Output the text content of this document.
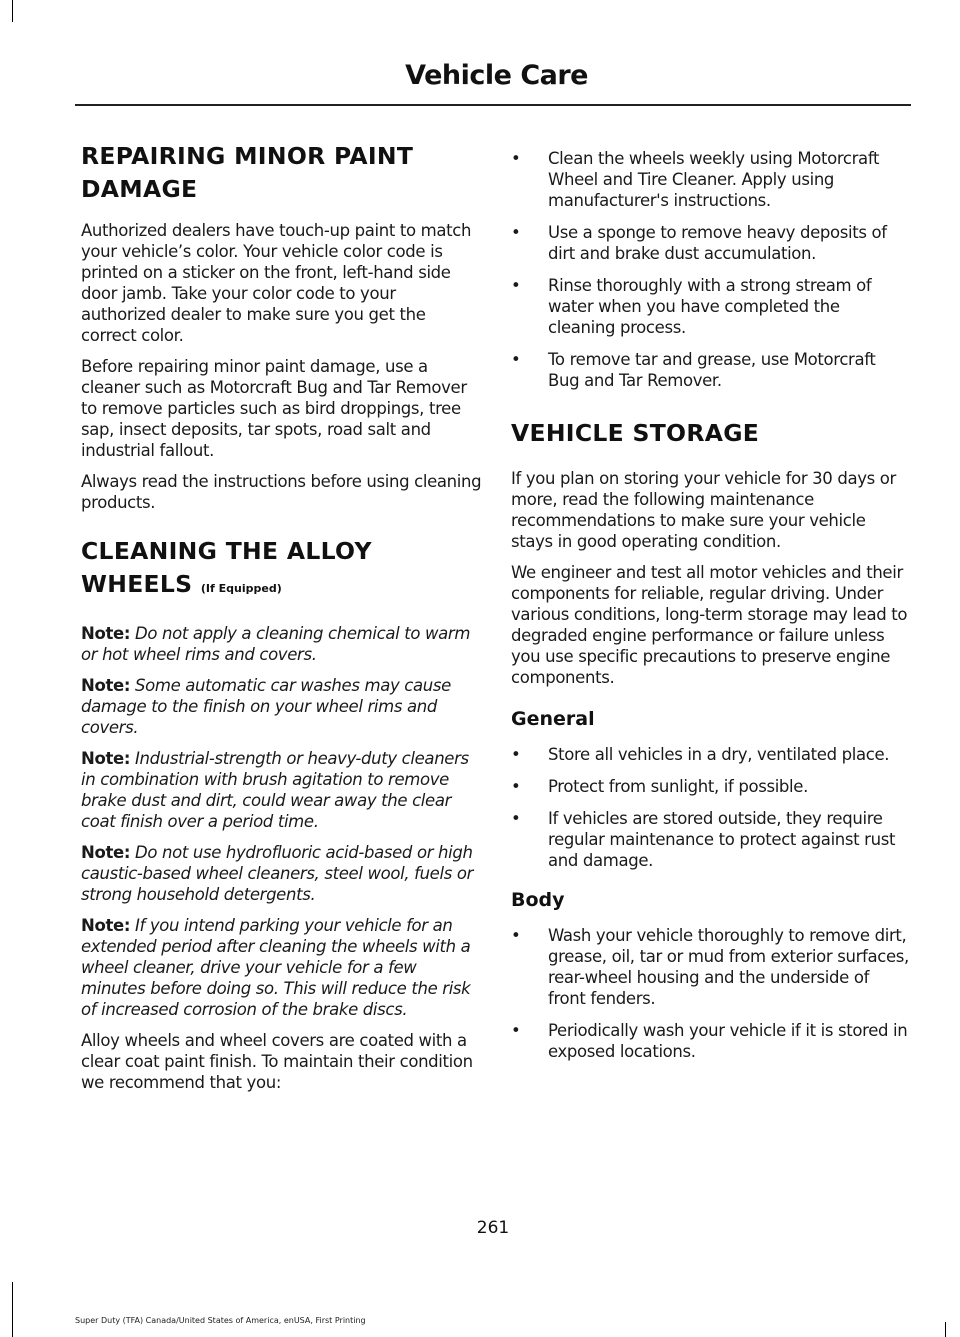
Vehicle Care
REPAIRING MINOR PAINT DAMAGE

Authorized dealers have touch-up paint to match your vehicle’s color. Your vehicle color code is printed on a sticker on the front, left-hand side door jamb. Take your color code to your authorized dealer to make sure you get the correct color.

Before repairing minor paint damage, use a cleaner such as Motorcraft Bug and Tar Remover to remove particles such as bird droppings, tree sap, insect deposits, tar spots, road salt and industrial fallout.

Always read the instructions before using cleaning products.

CLEANING THE ALLOY WHEELS (If Equipped)

Note: Do not apply a cleaning chemical to warm or hot wheel rims and covers.

Note: Some automatic car washes may cause damage to the finish on your wheel rims and covers.

Note: Industrial-strength or heavy-duty cleaners in combination with brush agitation to remove brake dust and dirt, could wear away the clear coat finish over a period time.

Note: Do not use hydrofluoric acid-based or high caustic-based wheel cleaners, steel wool, fuels or strong household detergents.

Note: If you intend parking your vehicle for an extended period after cleaning the wheels with a wheel cleaner, drive your vehicle for a few minutes before doing so. This will reduce the risk of increased corrosion of the brake discs.

Alloy wheels and wheel covers are coated with a clear coat paint finish. To maintain their condition we recommend that you:

• Clean the wheels weekly using Motorcraft Wheel and Tire Cleaner. Apply using manufacturer's instructions.
• Use a sponge to remove heavy deposits of dirt and brake dust accumulation.
• Rinse thoroughly with a strong stream of water when you have completed the cleaning process.
• To remove tar and grease, use Motorcraft Bug and Tar Remover.
VEHICLE STORAGE

If you plan on storing your vehicle for 30 days or more, read the following maintenance recommendations to make sure your vehicle stays in good operating condition.

We engineer and test all motor vehicles and their components for reliable, regular driving. Under various conditions, long-term storage may lead to degraded engine performance or failure unless you use specific precautions to preserve engine components.

General
• Store all vehicles in a dry, ventilated place.
• Protect from sunlight, if possible.
• If vehicles are stored outside, they require regular maintenance to protect against rust and damage.
Body
• Wash your vehicle thoroughly to remove dirt, grease, oil, tar or mud from exterior surfaces, rear-wheel housing and the underside of front fenders.
• Periodically wash your vehicle if it is stored in exposed locations.
261
Super Duty (TFA) Canada/United States of America, enUSA, First Printing
